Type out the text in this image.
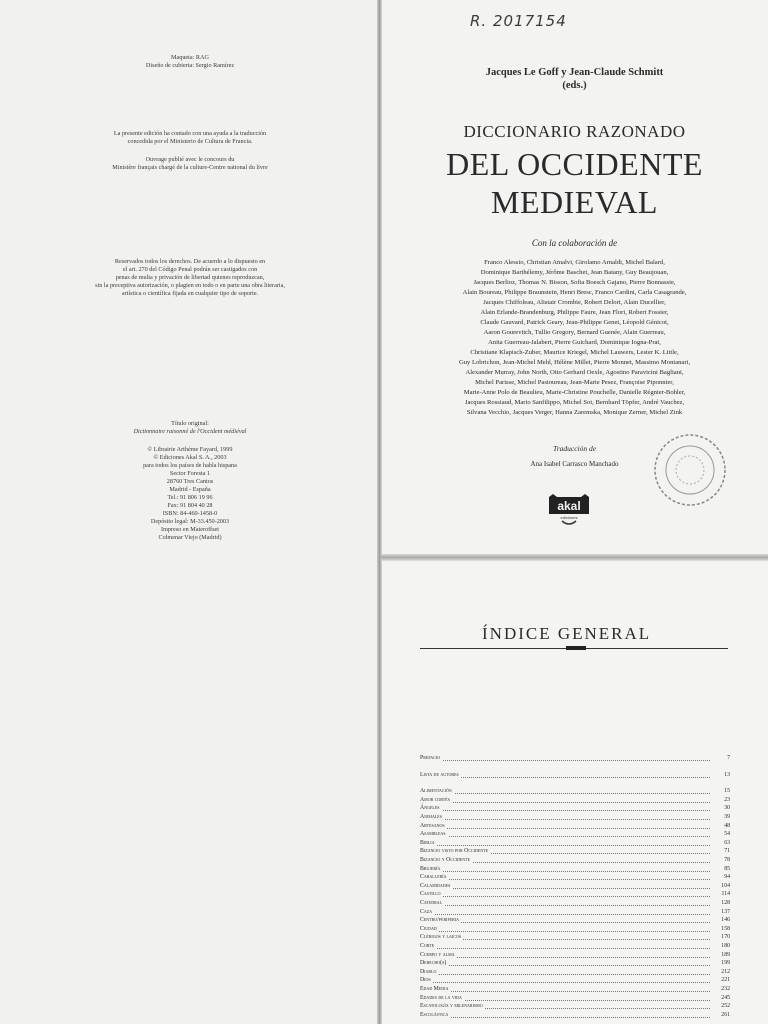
Maqueta: RAG
Diseño de cubierta: Sergio Ramírez
La presente edición ha contado con una ayuda a la traducción
concedida por el Ministerio de Cultura de Francia.
Ouvrage publié avec le concours du
Ministère français chargé de la culture-Centre national du livre
Reservados todos los derechos. De acuerdo a lo dispuesto en
el art. 270 del Código Penal podrán ser castigados con
penas de multa y privación de libertad quienes reproduzcan,
sin la preceptiva autorización, o plagien en todo o en parte una obra literaria,
artística o científica fijada en cualquier tipo de soporte.
Título original:
Dictionnaire raisonné de l'Occident médiéval
© Librairie Arthème Fayard, 1999
© Ediciones Akal S. A., 2003
para todos los países de habla hispana
Sector Foresta 1
28760 Tres Cantos
Madrid - España
Tel.: 91 806 19 96
Fax: 91 804 40 28
ISBN: 84-460-1458-0
Depósito legal: M-33.450-2003
Impreso en Materoffset
Colmenar Viejo (Madrid)
R. 2017154
Jacques Le Goff y Jean-Claude Schmitt
(eds.)
DICCIONARIO RAZONADO
DEL OCCIDENTE
MEDIEVAL
Con la colaboración de
Franco Alessio, Christian Amalvi, Girolamo Arnaldi, Michel Balard,
Dominique Barthélemy, Jérôme Baschet, Jean Batany, Guy Beaujouan,
Jacques Berlioz, Thomas N. Bisson, Sofia Boesch Gajano, Pierre Bonnassie,
Alain Boureau, Philippe Braunstein, Henri Bresc, Franco Cardini, Carla Casagrande,
Jacques Chiffoleau, Alistair Crombie, Robert Delort, Alain Ducellier,
Alain Erlande-Brandenburg, Philippe Faure, Jean Flori, Robert Fossier,
Claude Gauvard, Patrick Geary, Jean-Philippe Genet, Léopold Génicot,
Aaron Gourevitch, Tullio Gregory, Bernard Guenée, Alain Guerreau,
Anita Guerreau-Jalabert, Pierre Guichard, Dominique Iogna-Prat,
Christiane Klapisch-Zuber, Maurice Kriegel, Michel Lauwers, Lester K. Little,
Guy Lobrichon, Jean-Michel Mehl, Hélène Millet, Pierre Monnet, Massimo Montanari,
Alexander Murray, John North, Otto Gerhard Oexle, Agostino Paravicini Bagliani,
Michel Parisse, Michel Pastoureau, Jean-Marie Pesez, Françoise Piponnier,
Marie-Anne Polo de Beaulieu, Marie-Christine Pouchelle, Danielle Régnier-Bohler,
Jacques Rossiaud, Mario Sanfilippo, Michel Sot, Bernhard Töpfer, André Vauchez,
Silvana Vecchio, Jacques Verger, Hanna Zaremska, Monique Zerner, Michel Zink
Traducción de
Ana Isabel Carrasco Manchado
akal
ediciones
ÍNDICE GENERAL
Prefacio	7
Lista de autores	13
Alimentación	15
Amor cortés	23
Ángeles	30
Animales	39
Artesanos	48
Asambleas	54
Biblia	63
Bizancio visto por Occidente	71
Bizancio y Occidente	78
Brujería	85
Caballería	94
Calamidades	104
Castillo	114
Catedral	128
Caza	137
Centro/periferia	146
Ciudad	158
Clérigos y laicos	170
Corte	180
Cuerpo y alma	189
Derecho(s)	199
Diablo	212
Dios	221
Edad Media	232
Edades de la vida	245
Escatología y milenarismo	252
Escolástica	261
